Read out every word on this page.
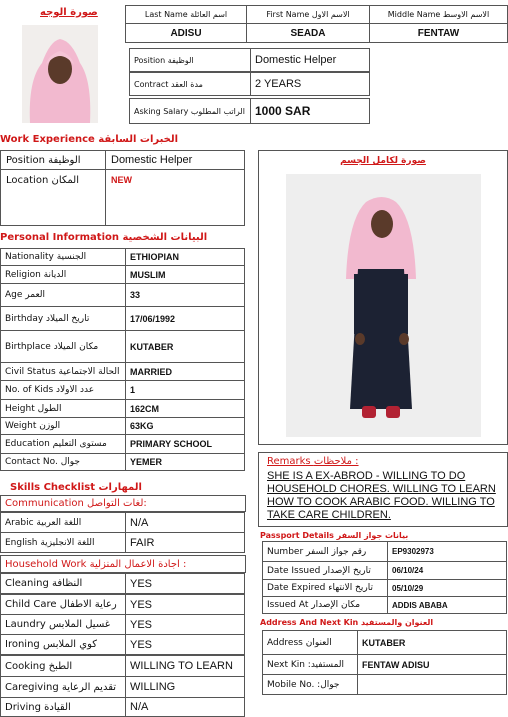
صورة الوجه	Last Name اسم العائلة	First Name الاسم الاول	Middle Name الاسم الاوسط
ADISU	SEADA	FENTAW
Position الوظيفة	Domestic Helper
Contract مدة العقد	2 YEARS
Asking Salary الراتب المطلوب 1000 SAR
Work Experience الخبرات السابقة
Position الوظيفة	Domestic Helper
Location المكان	NEW
Personal Information البيانات الشخصية
Nationality الجنسية	ETHIOPIAN
Religion الديانة	MUSLIM
Age العمر	33
Birthday تاريخ الميلاد	17/06/1992
Birthplace مكان الميلاد	KUTABER
Civil Status الحالة الاجتماعية	MARRIED
No. of Kids عدد الاولاد	1
Height الطول	162CM
Weight الوزن	63KG
Education مستوى التعليم	PRIMARY SCHOOL
Contact No. جوال	YEMER
Skills Checklist المهارات
Communication لغات التواصل:
Arabic اللغة العربية	N/A
English اللغة الانجليزية	FAIR
Household Work اجادة الاعمال المنزلية :
Cleaning النظافة	YES
Child Care رعاية الاطفال	YES
Laundry غسيل الملابس	YES
Ironing كوي الملابس	YES
Cooking الطبخ	WILLING TO LEARN
Caregiving تقديم الرعاية	WILLING
Driving القيادة	N/A
صورة لكامل الجسم
Remarks ملاحظات :
SHE IS A EX-ABROD - WILLING TO DO
HOUSEHOLD CHORES. WILLING TO LEARN
HOW TO COOK ARABIC FOOD. WILLING TO
TAKE CARE CHILDREN.
Passport Details بيانات جواز السفر
Number رقم جواز السفر	EP9302973
Date Issued تاريخ الإصدار	06/10/24
Date Expired تاريخ الانتهاء	05/10/29
Issued At مكان الإصدار	ADDIS ABABA
Address And Next Kin العنوان والمستفيد
Address العنوان	KUTABER
Next Kin :المستفيد	FENTAW ADISU
Mobile No. :جوال
